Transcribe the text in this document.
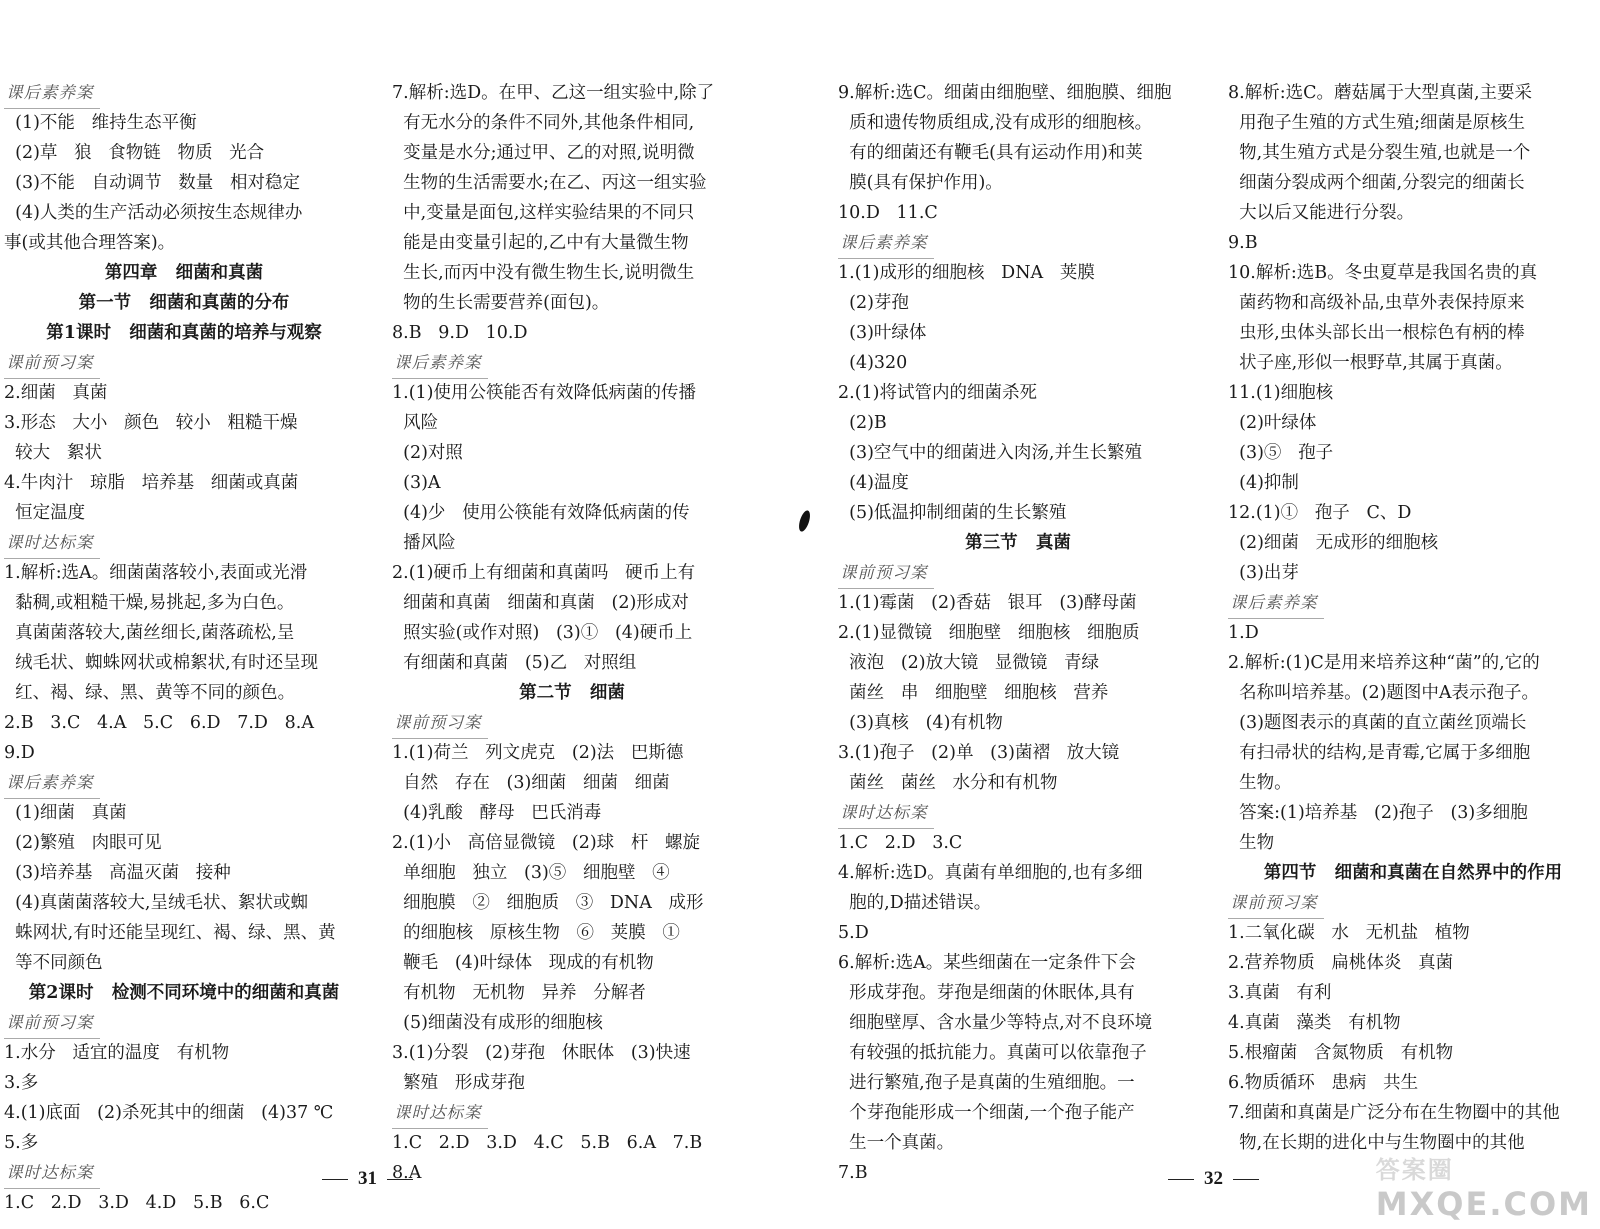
课后素养案
(1)不能   维持生态平衡
(2)草   狼   食物链   物质   光合
(3)不能   自动调节   数量   相对稳定
(4)人类的生产活动必须按生态规律办
事(或其他合理答案)。
第四章   细菌和真菌
第一节   细菌和真菌的分布
第1课时   细菌和真菌的培养与观察
课前预习案
2.细菌   真菌
3.形态   大小   颜色   较小   粗糙干燥
较大   絮状
4.牛肉汁   琼脂   培养基   细菌或真菌
恒定温度
课时达标案
1.解析:选A。细菌菌落较小,表面或光滑
黏稠,或粗糙干燥,易挑起,多为白色。
真菌菌落较大,菌丝细长,菌落疏松,呈
绒毛状、蜘蛛网状或棉絮状,有时还呈现
红、褐、绿、黑、黄等不同的颜色。
2.B   3.C   4.A   5.C   6.D   7.D   8.A
9.D
课后素养案
(1)细菌   真菌
(2)繁殖   肉眼可见
(3)培养基   高温灭菌   接种
(4)真菌菌落较大,呈绒毛状、絮状或蜘
蛛网状,有时还能呈现红、褐、绿、黑、黄
等不同颜色
第2课时   检测不同环境中的细菌和真菌
课前预习案
1.水分   适宜的温度   有机物
3.多
4.(1)底面   (2)杀死其中的细菌   (4)37 ℃
5.多
课时达标案
1.C   2.D   3.D   4.D   5.B   6.C
7.解析:选D。在甲、乙这一组实验中,除了
有无水分的条件不同外,其他条件相同,
变量是水分;通过甲、乙的对照,说明微
生物的生活需要水;在乙、丙这一组实验
中,变量是面包,这样实验结果的不同只
能是由变量引起的,乙中有大量微生物
生长,而丙中没有微生物生长,说明微生
物的生长需要营养(面包)。
8.B   9.D   10.D
课后素养案
1.(1)使用公筷能否有效降低病菌的传播
风险
(2)对照
(3)A
(4)少   使用公筷能有效降低病菌的传
播风险
2.(1)硬币上有细菌和真菌吗   硬币上有
细菌和真菌   细菌和真菌   (2)形成对
照实验(或作对照)   (3)①   (4)硬币上
有细菌和真菌   (5)乙   对照组
第二节   细菌
课前预习案
1.(1)荷兰   列文虎克   (2)法   巴斯德
自然   存在   (3)细菌   细菌   细菌
(4)乳酸   酵母   巴氏消毒
2.(1)小   高倍显微镜   (2)球   杆   螺旋
单细胞   独立   (3)⑤   细胞壁   ④
细胞膜   ②   细胞质   ③   DNA   成形
的细胞核   原核生物   ⑥   荚膜   ①
鞭毛   (4)叶绿体   现成的有机物
有机物   无机物   异养   分解者
(5)细菌没有成形的细胞核
3.(1)分裂   (2)芽孢   休眠体   (3)快速
繁殖   形成芽孢
课时达标案
1.C   2.D   3.D   4.C   5.B   6.A   7.B
8.A
9.解析:选C。细菌由细胞壁、细胞膜、细胞
质和遗传物质组成,没有成形的细胞核。
有的细菌还有鞭毛(具有运动作用)和荚
膜(具有保护作用)。
10.D   11.C
课后素养案
1.(1)成形的细胞核   DNA   荚膜
(2)芽孢
(3)叶绿体
(4)320
2.(1)将试管内的细菌杀死
(2)B
(3)空气中的细菌进入肉汤,并生长繁殖
(4)温度
(5)低温抑制细菌的生长繁殖
第三节   真菌
课前预习案
1.(1)霉菌   (2)香菇   银耳   (3)酵母菌
2.(1)显微镜   细胞壁   细胞核   细胞质
液泡   (2)放大镜   显微镜   青绿
菌丝   串   细胞壁   细胞核   营养
(3)真核   (4)有机物
3.(1)孢子   (2)单   (3)菌褶   放大镜
菌丝   菌丝   水分和有机物
课时达标案
1.C   2.D   3.C
4.解析:选D。真菌有单细胞的,也有多细
胞的,D描述错误。
5.D
6.解析:选A。某些细菌在一定条件下会
形成芽孢。芽孢是细菌的休眠体,具有
细胞壁厚、含水量少等特点,对不良环境
有较强的抵抗能力。真菌可以依靠孢子
进行繁殖,孢子是真菌的生殖细胞。一
个芽孢能形成一个细菌,一个孢子能产
生一个真菌。
7.B
8.解析:选C。蘑菇属于大型真菌,主要采
用孢子生殖的方式生殖;细菌是原核生
物,其生殖方式是分裂生殖,也就是一个
细菌分裂成两个细菌,分裂完的细菌长
大以后又能进行分裂。
9.B
10.解析:选B。冬虫夏草是我国名贵的真
菌药物和高级补品,虫草外表保持原来
虫形,虫体头部长出一根棕色有柄的棒
状子座,形似一根野草,其属于真菌。
11.(1)细胞核
(2)叶绿体
(3)⑤   孢子
(4)抑制
12.(1)①   孢子   C、D
(2)细菌   无成形的细胞核
(3)出芽
课后素养案
1.D
2.解析:(1)C是用来培养这种“菌”的,它的
名称叫培养基。(2)题图中A表示孢子。
(3)题图表示的真菌的直立菌丝顶端长
有扫帚状的结构,是青霉,它属于多细胞
生物。
答案:(1)培养基   (2)孢子   (3)多细胞
生物
第四节   细菌和真菌在自然界中的作用
课前预习案
1.二氧化碳   水   无机盐   植物
2.营养物质   扁桃体炎   真菌
3.真菌   有利
4.真菌   藻类   有机物
5.根瘤菌   含氮物质   有机物
6.物质循环   患病   共生
7.细菌和真菌是广泛分布在生物圈中的其他
物,在长期的进化中与生物圈中的其他
31	32	答案圈
MXQE.COM
